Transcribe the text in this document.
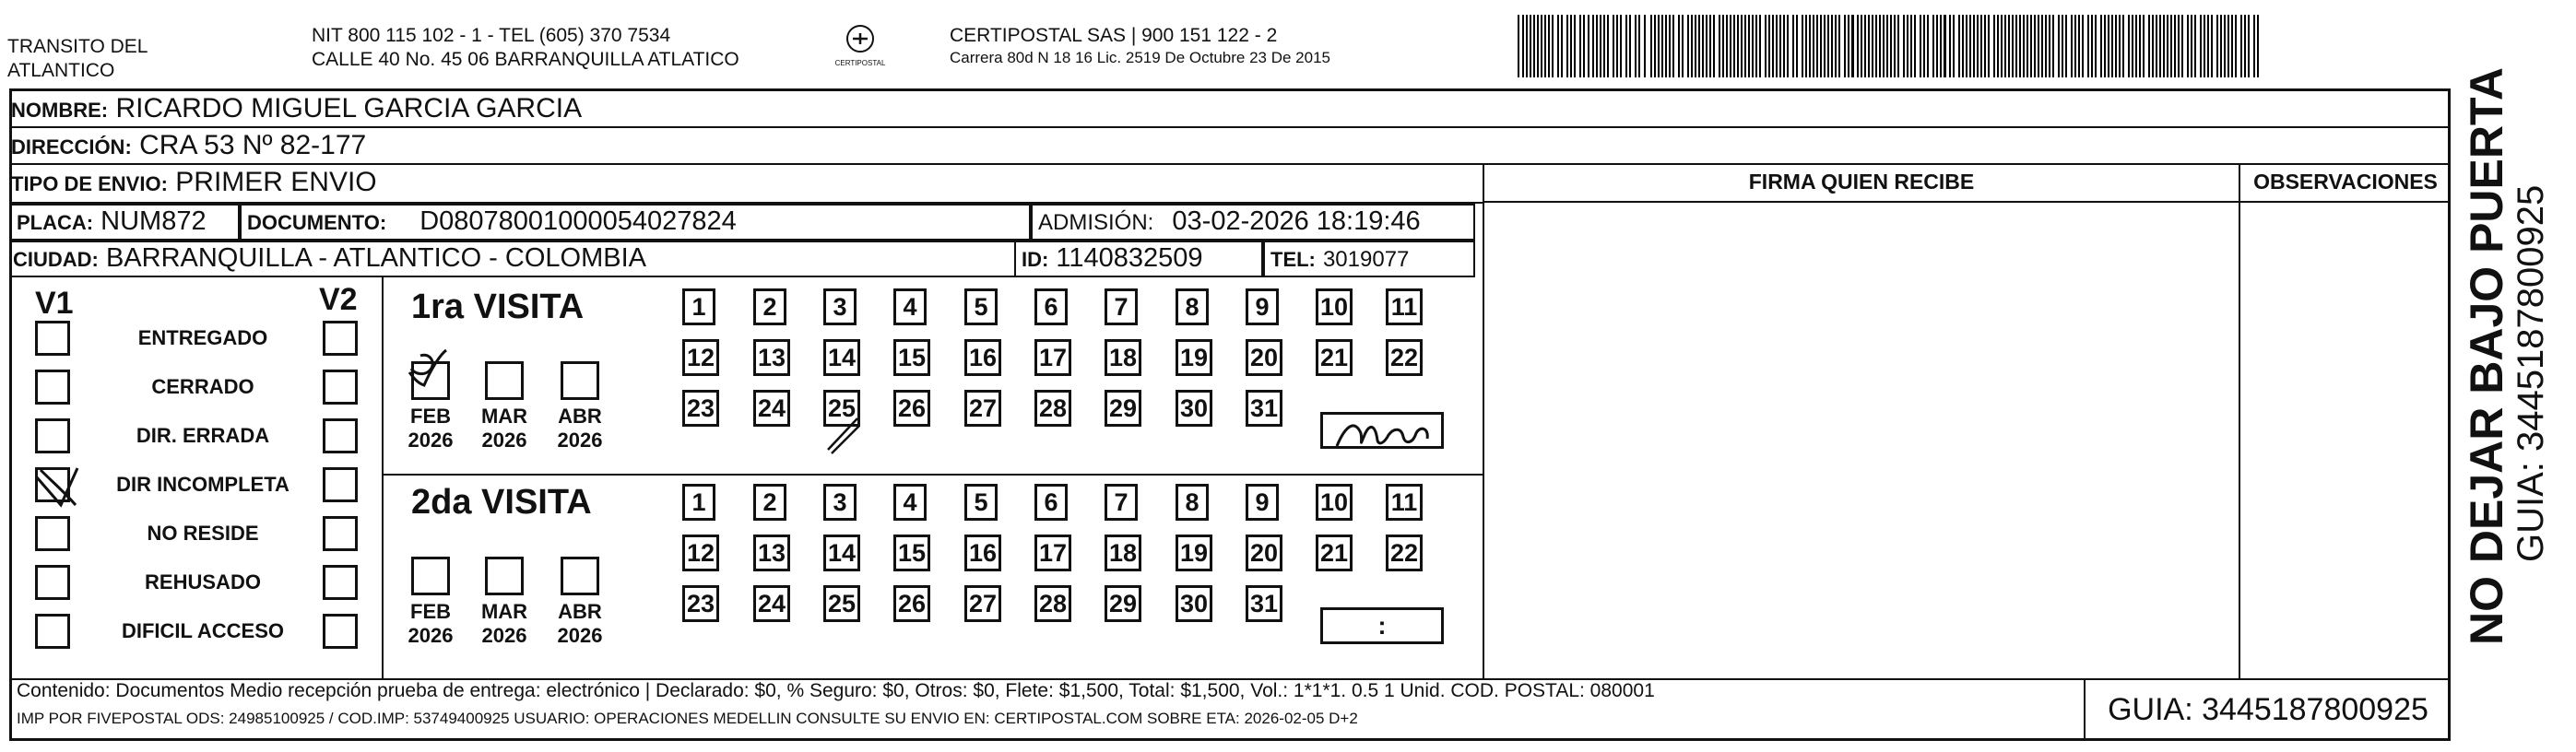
TRANSITO DEL
ATLANTICO
NIT 800 115 102 - 1 - TEL (605) 370 7534
CALLE 40 No. 45 06 BARRANQUILLA ATLATICO	CERTIPOSTAL
CERTIPOSTAL SAS | 900 151 122 - 2
Carrera 80d N 18 16 Lic. 2519 De Octubre 23 De 2015
NOMBRE: RICARDO MIGUEL GARCIA GARCIA
DIRECCIÓN: CRA 53 Nº 82-177
TIPO DE ENVIO: PRIMER ENVIO
PLACA: NUM872	DOCUMENTO: D08078001000054027824	ADMISIÓN: 03-02-2026 18:19:46
CIUDAD: BARRANQUILLA - ATLANTICO - COLOMBIA	ID: 1140832509	TEL: 3019077
FIRMA QUIEN RECIBE	OBSERVACIONES
V1	V2
ENTREGADO
CERRADO
DIR. ERRADA
DIR INCOMPLETA
NO RESIDE
REHUSADO
DIFICIL ACCESO
1ra VISITA
2da VISITA
FEB
2026
MAR
2026
ABR
2026
1	2	3	4	5	6	7	8	9	10 11
12 13 14 15 16 17 18 19 20 21 22
23 24 25 26 27 28 29 30 31
FEB
2026
MAR
2026
ABR
2026
1	2	3	4	5	6	7	8	9	10 11
12 13 14 15 16 17 18 19 20 21 22
23 24 25 26 27 28 29 30 31
:
Contenido: Documentos Medio recepción prueba de entrega: electrónico | Declarado: $0, % Seguro: $0, Otros: $0, Flete: $1,500, Total: $1,500, Vol.: 1*1*1. 0.5 1 Unid. COD. POSTAL: 080001
IMP POR FIVEPOSTAL ODS: 24985100925 / COD.IMP: 53749400925 USUARIO: OPERACIONES MEDELLIN CONSULTE SU ENVIO EN: CERTIPOSTAL.COM SOBRE ETA: 2026-02-05 D+2	GUIA: 3445187800925
NO DEJAR BAJO PUERTA
GUIA: 3445187800925
